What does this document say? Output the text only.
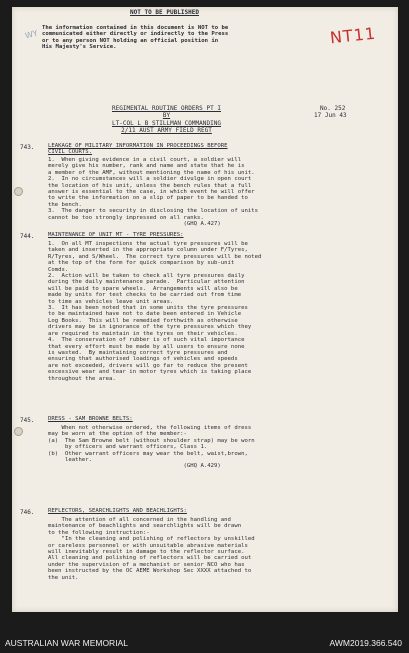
WY
NOT TO BE PUBLISHED
The information contained in this document is NOT to be
communicated either directly or indirectly to the Press
or to any person NOT holding an official position in
His Majesty's Service.	NT11
REGIMENTAL ROUTINE ORDERS PT I
BY
LT-COL L B STILLMAN COMMANDING
2/11 AUST ARMY FIELD REGT
No. 252
17 Jun 43
743. LEAKAGE OF MILITARY INFORMATION IN PROCEEDINGS BEFORE
CIVIL COURTS.
1.  When giving evidence in a civil court, a soldier will
merely give his number, rank and name and state that he is
a member of the AMF, without mentioning the name of his unit.
2.  In no circumstances will a soldier divulge in open court
the location of his unit, unless the bench rules that a full
answer is essential to the case, in which event he will offer
to write the information on a slip of paper to be handed to
the bench.
3.  The danger to security in disclosing the location of units
cannot be too strongly impressed on all ranks.
(GHQ A.427)
744. MAINTENANCE OF UNIT MT - TYRE PRESSURES:
1.  On all MT inspections the actual tyre pressures will be
taken and inserted in the appropriate column under F/Tyres,
R/Tyres, and S/Wheel.  The correct tyre pressures will be noted
at the top of the form for quick comparison by sub-unit
Comds.
2.  Action will be taken to check all tyre pressures daily
during the daily maintenance parade.  Particular attention
will be paid to spare wheels.  Arrangements will also be
made by units for test checks to be carried out from time
to time as vehicles leave unit areas.
3.  It has been noted that in some units the tyre pressures
to be maintained have not to date been entered in Vehicle
Log Books.  This will be remedied forthwith as otherwise
drivers may be in ignorance of the tyre pressures which they
are required to maintain in the tyres on their vehicles.
4.  The conservation of rubber is of such vital importance
that every effort must be made by all users to ensure none
is wasted.  By maintaining correct tyre pressures and
ensuring that authorised loadings of vehicles and speeds
are not exceeded, drivers will go far to reduce the present
excessive wear and tear in motor tyres which is taking place
throughout the area.
745. DRESS - SAM BROWNE BELTS:
When not otherwise ordered, the following items of dress
may be worn at the option of the member:-
(a)  The Sam Browne belt (without shoulder strap) may be worn
by officers and warrant officers, Class 1.
(b)  Other warrant officers may wear the belt, waist,brown,
leather.
(GHQ A.429)
746. REFLECTORS, SEARCHLIGHTS AND BEACHLIGHTS:
The attention of all concerned in the handling and
maintenance of beachlights and searchlights will be drawn
to the following instruction:-
"In the cleaning and polishing of reflectors by unskilled
or careless personnel or with unsuitable abrasive materials
will inevitably result in damage to the reflector surface.
All cleaning and polishing of reflectors will be carried out
under the supervision of a mechanist or senior NCO who has
been instructed by the OC AEME Workshop Sec XXXX attached to
the unit.
AUSTRALIAN WAR MEMORIAL	AWM2019.366.540
